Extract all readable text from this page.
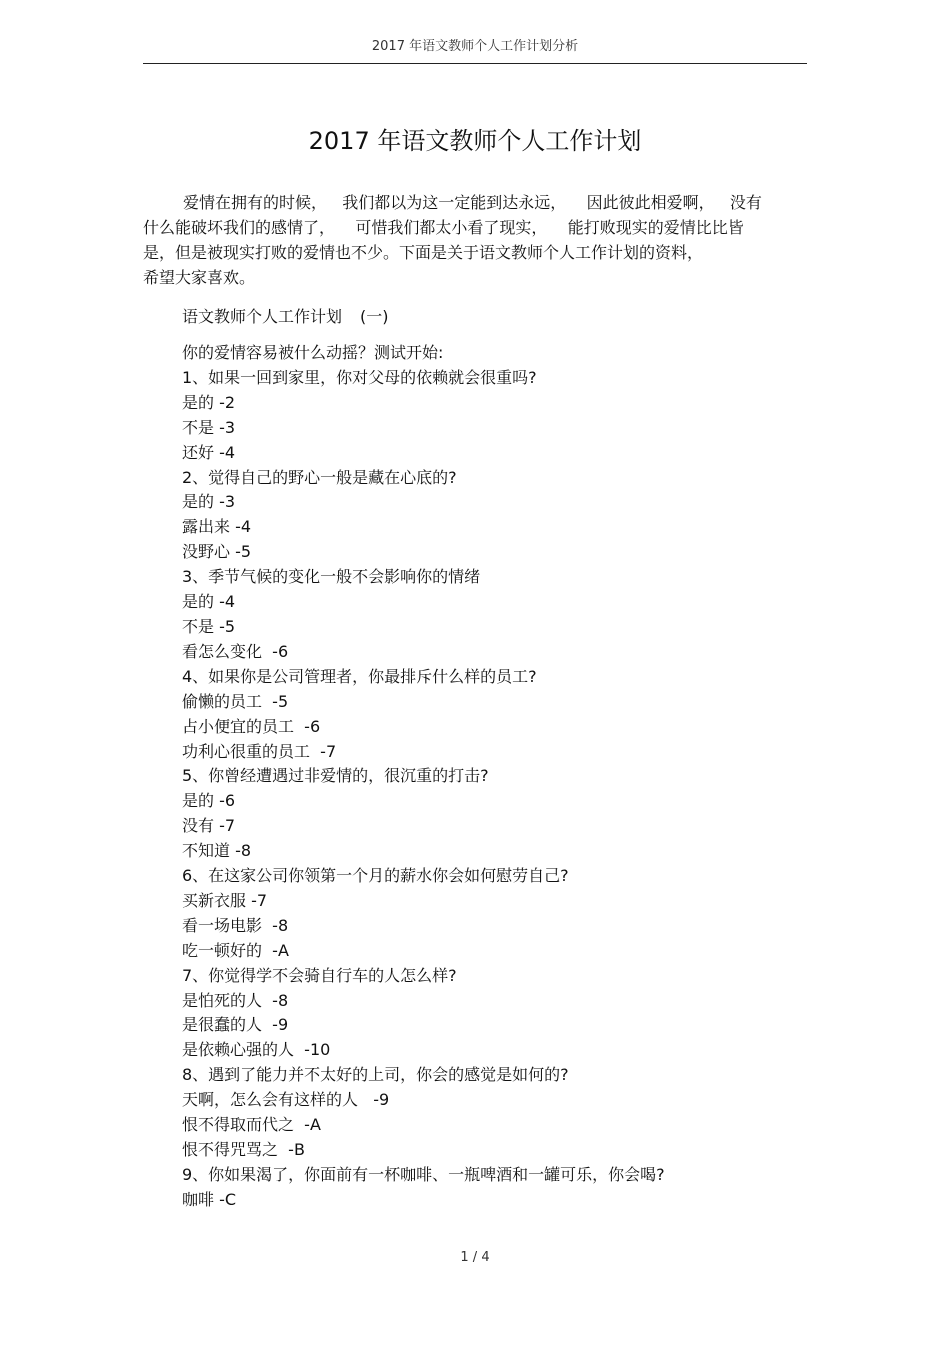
2017 年语文教师个人工作计划分析
2017 年语文教师个人工作计划
爱情在拥有的时候，   我们都以为这一定能到达永远，    因此彼此相爱啊，   没有
什么能破坏我们的感情了，    可惜我们都太小看了现实，    能打败现实的爱情比比皆
是，但是被现实打败的爱情也不少。下面是关于语文教师个人工作计划的资料，
希望大家喜欢。
语文教师个人工作计划 (一)
你的爱情容易被什么动摇？测试开始:
1、如果一回到家里，你对父母的依赖就会很重吗?
是的 -2
不是 -3
还好 -4
2、觉得自己的野心一般是藏在心底的?
是的 -3
露出来 -4
没野心 -5
3、季节气候的变化一般不会影响你的情绪
是的 -4
不是 -5
看怎么变化  -6
4、如果你是公司管理者，你最排斥什么样的员工?
偷懒的员工  -5
占小便宜的员工  -6
功利心很重的员工  -7
5、你曾经遭遇过非爱情的，很沉重的打击?
是的 -6
没有 -7
不知道 -8
6、在这家公司你领第一个月的薪水你会如何慰劳自己?
买新衣服 -7
看一场电影  -8
吃一顿好的  -A
7、你觉得学不会骑自行车的人怎么样?
是怕死的人  -8
是很蠢的人  -9
是依赖心强的人  -10
8、遇到了能力并不太好的上司，你会的感觉是如何的?
天啊，怎么会有这样的人   -9
恨不得取而代之  -A
恨不得咒骂之  -B
9、你如果渴了，你面前有一杯咖啡、一瓶啤酒和一罐可乐，你会喝?
咖啡 -C
1 / 4
